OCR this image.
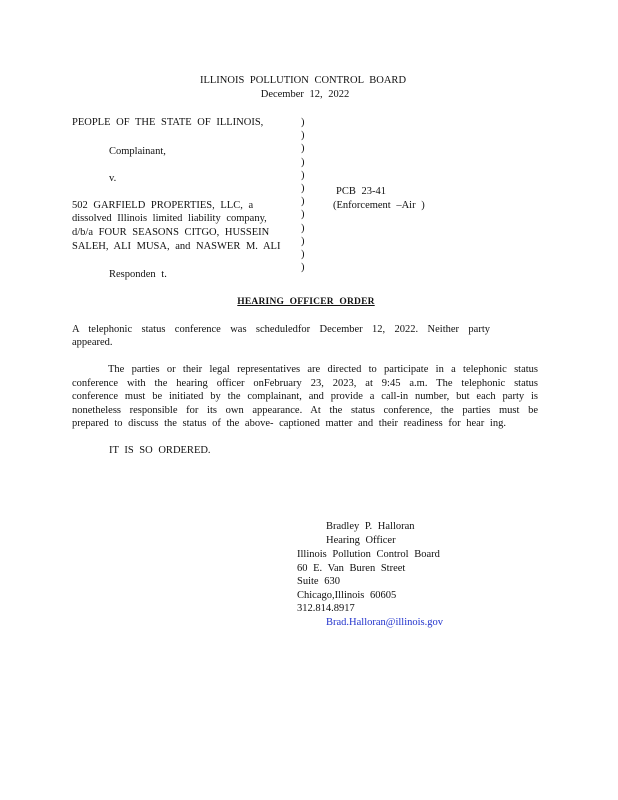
ILLINOIS POLLUTION CONTROL BOARD
December 12, 2022
PEOPLE OF THE STATE OF ILLINOIS,
Complainant,
v.
502 GARFIELD PROPERTIES, LLC, a
dissolved Illinois limited liability company,
d/b/a FOUR SEASONS CITGO, HUSSEIN
SALEH, ALI MUSA, and NASWER M. ALI
Responden t.
)
)
)
)
)
)
)
)
)
)
)
)
PCB 23-41
(Enforcement –Air )
HEARING OFFICER ORDER
A telephonic status conference was scheduledfor December 12, 2022. Neither party appeared.
The parties or their legal representatives are directed to participate in a telephonic status conference with the hearing officer onFebruary 23, 2023, at 9:45 a.m. The telephonic status conference must be initiated by the complainant, and provide a call-in number, but each party is nonetheless responsible for its own appearance. At the status conference, the parties must be prepared to discuss the status of the above- captioned matter and their readiness for hear ing.
IT IS SO ORDERED.
Bradley P. Halloran
Hearing Officer
Illinois Pollution Control Board
60 E. Van Buren Street
Suite 630
Chicago,Illinois 60605
312.814.8917
Brad.Halloran@illinois.gov
